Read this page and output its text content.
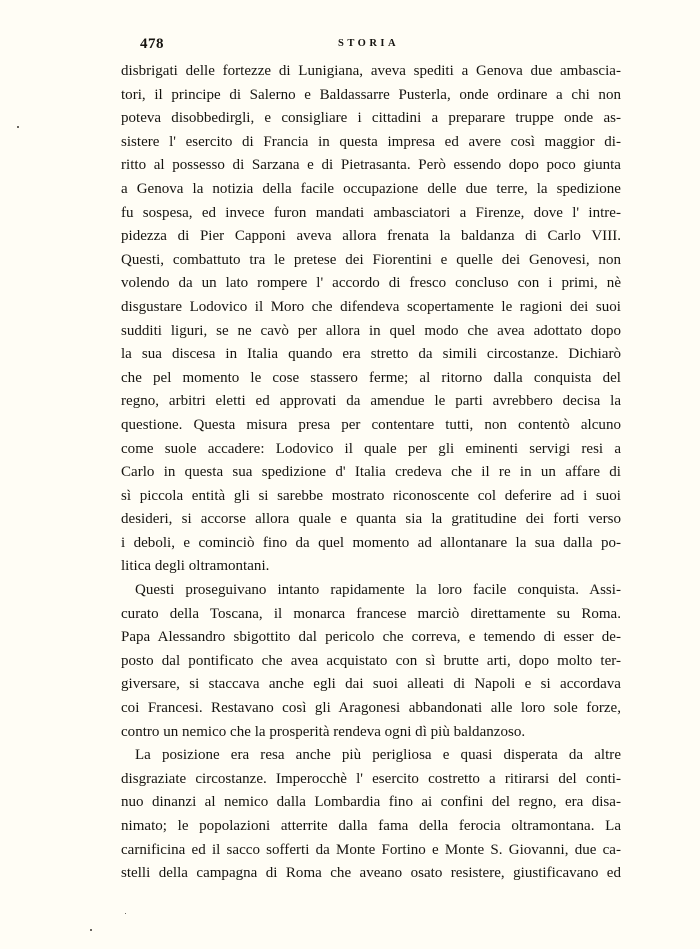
478	STORIA
disbrigati delle fortezze di Lunigiana, aveva spediti a Genova due ambascia-
tori, il principe di Salerno e Baldassarre Pusterla, onde ordinare a chi non
poteva disobbedirgli, e consigliare i cittadini a preparare truppe onde as-
sistere l' esercito di Francia in questa impresa ed avere così maggior di-
ritto al possesso di Sarzana e di Pietrasanta. Però essendo dopo poco giunta
a Genova la notizia della facile occupazione delle due terre, la spedizione
fu sospesa, ed invece furon mandati ambasciatori a Firenze, dove l' intre-
pidezza di Pier Capponi aveva allora frenata la baldanza di Carlo VIII.
Questi, combattuto tra le pretese dei Fiorentini e quelle dei Genovesi, non
volendo da un lato rompere l' accordo di fresco concluso con i primi, nè
disgustare Lodovico il Moro che difendeva scopertamente le ragioni dei suoi
sudditi liguri, se ne cavò per allora in quel modo che avea adottato dopo
la sua discesa in Italia quando era stretto da simili circostanze. Dichiarò
che pel momento le cose stassero ferme; al ritorno dalla conquista del
regno, arbitri eletti ed approvati da amendue le parti avrebbero decisa la
questione. Questa misura presa per contentare tutti, non contentò alcuno
come suole accadere: Lodovico il quale per gli eminenti servigi resi a
Carlo in questa sua spedizione d' Italia credeva che il re in un affare di
sì piccola entità gli si sarebbe mostrato riconoscente col deferire ad i suoi
desideri, si accorse allora quale e quanta sia la gratitudine dei forti verso
i deboli, e cominciò fino da quel momento ad allontanare la sua dalla po-
litica degli oltramontani.
Questi proseguivano intanto rapidamente la loro facile conquista. Assi-
curato della Toscana, il monarca francese marciò direttamente su Roma.
Papa Alessandro sbigottito dal pericolo che correva, e temendo di esser de-
posto dal pontificato che avea acquistato con sì brutte arti, dopo molto ter-
giversare, si staccava anche egli dai suoi alleati di Napoli e si accordava
coi Francesi. Restavano così gli Aragonesi abbandonati alle loro sole forze,
contro un nemico che la prosperità rendeva ogni dì più baldanzoso.
La posizione era resa anche più perigliosa e quasi disperata da altre
disgraziate circostanze. Imperocchè l' esercito costretto a ritirarsi del conti-
nuo dinanzi al nemico dalla Lombardia fino ai confini del regno, era disa-
nimato; le popolazioni atterrite dalla fama della ferocia oltramontana. La
carnificina ed il sacco sofferti da Monte Fortino e Monte S. Giovanni, due ca-
stelli della campagna di Roma che aveano osato resistere, giustificavano ed
